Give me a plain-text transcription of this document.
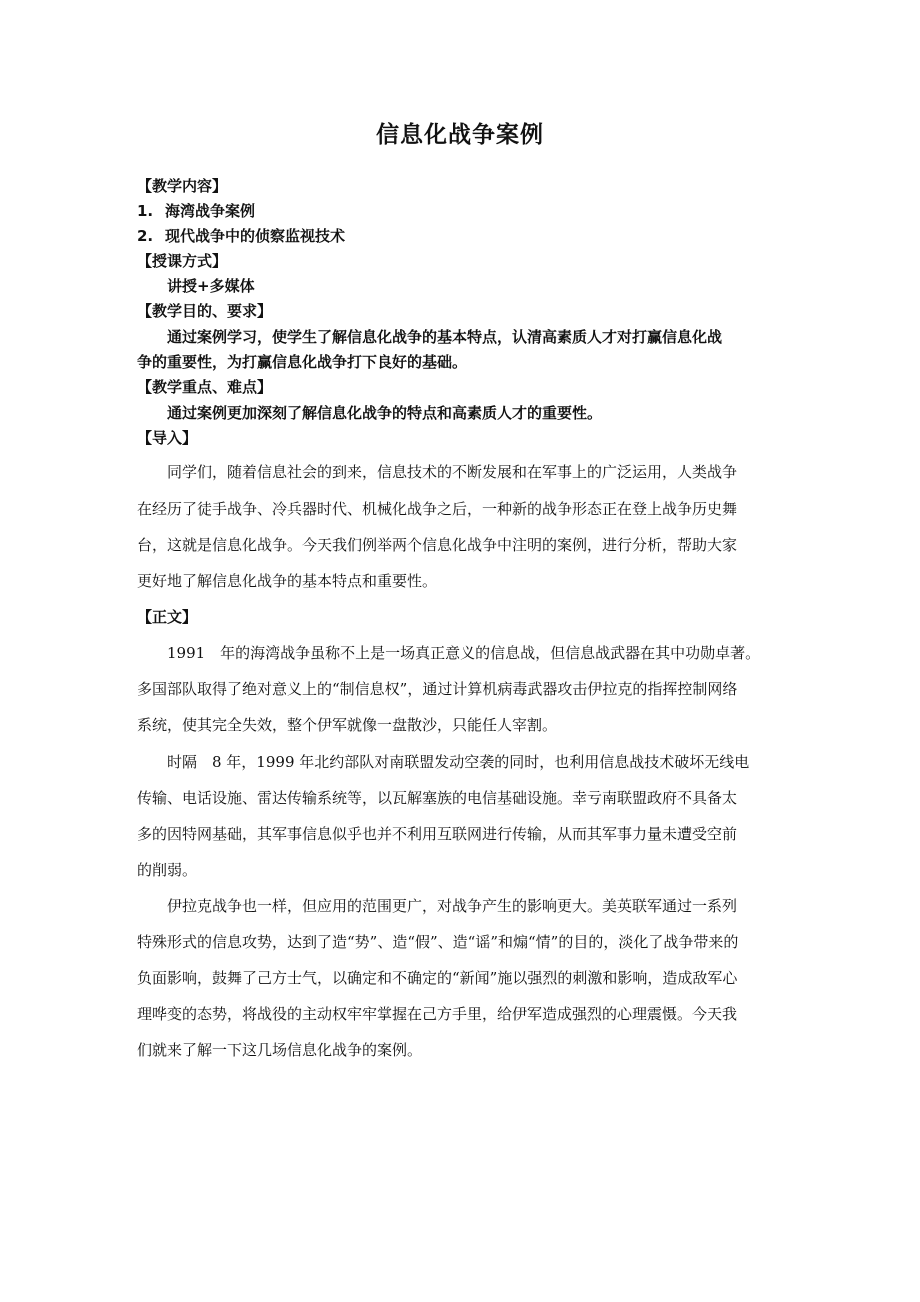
信息化战争案例
【教学内容】
1. 海湾战争案例
2. 现代战争中的侦察监视技术
【授课方式】
讲授+多媒体
【教学目的、要求】
通过案例学习，使学生了解信息化战争的基本特点，认清高素质人才对打赢信息化战
争的重要性，为打赢信息化战争打下良好的基础。
【教学重点、难点】
通过案例更加深刻了解信息化战争的特点和高素质人才的重要性。
【导入】
同学们，随着信息社会的到来，信息技术的不断发展和在军事上的广泛运用，人类战争
在经历了徒手战争、冷兵器时代、机械化战争之后，一种新的战争形态正在登上战争历史舞
台，这就是信息化战争。今天我们例举两个信息化战争中注明的案例，进行分析，帮助大家
更好地了解信息化战争的基本特点和重要性。
【正文】
1991　年的海湾战争虽称不上是一场真正意义的信息战，但信息战武器在其中功勋卓著。
多国部队取得了绝对意义上的“制信息权”，通过计算机病毒武器攻击伊拉克的指挥控制网络
系统，使其完全失效，整个伊军就像一盘散沙，只能任人宰割。
时隔　8 年，1999 年北约部队对南联盟发动空袭的同时，也利用信息战技术破坏无线电
传输、电话设施、雷达传输系统等，以瓦解塞族的电信基础设施。幸亏南联盟政府不具备太
多的因特网基础，其军事信息似乎也并不利用互联网进行传输，从而其军事力量未遭受空前
的削弱。
伊拉克战争也一样，但应用的范围更广，对战争产生的影响更大。美英联军通过一系列
特殊形式的信息攻势，达到了造“势”、造“假”、造“谣”和煽“情”的目的，淡化了战争带来的
负面影响，鼓舞了己方士气，以确定和不确定的“新闻”施以强烈的刺激和影响，造成敌军心
理哗变的态势，将战役的主动权牢牢掌握在己方手里，给伊军造成强烈的心理震慑。今天我
们就来了解一下这几场信息化战争的案例。
